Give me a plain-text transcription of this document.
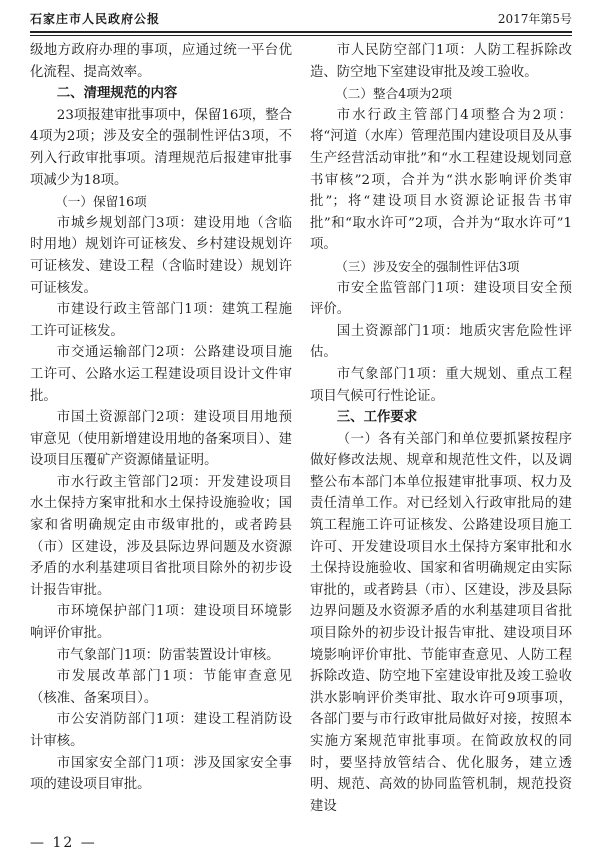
石家庄市人民政府公报	2017年第5号

级地方政府办理的事项，应通过统一平台优化流程、提高效率。

二、清理规范的内容

23项报建审批事项中，保留16项，整合4项为2项；涉及安全的强制性评估3项，不列入行政审批事项。清理规范后报建审批事项减少为18项。

（一）保留16项

市城乡规划部门3项：建设用地（含临时用地）规划许可证核发、乡村建设规划许可证核发、建设工程（含临时建设）规划许可证核发。

市建设行政主管部门1项：建筑工程施工许可证核发。

市交通运输部门2项：公路建设项目施工许可、公路水运工程建设项目设计文件审批。

市国土资源部门2项：建设项目用地预审意见（使用新增建设用地的备案项目）、建设项目压覆矿产资源储量证明。

市水行政主管部门2项：开发建设项目水土保持方案审批和水土保持设施验收；国家和省明确规定由市级审批的，或者跨县（市）区建设，涉及县际边界问题及水资源矛盾的水利基建项目省批项目除外的初步设计报告审批。

市环境保护部门1项：建设项目环境影响评价审批。

市气象部门1项：防雷装置设计审核。

市发展改革部门1项：节能审查意见（核准、备案项目）。

市公安消防部门1项：建设工程消防设计审核。

市国家安全部门1项：涉及国家安全事项的建设项目审批。

市人民防空部门1项：人防工程拆除改造、防空地下室建设审批及竣工验收。

（二）整合4项为2项

市水行政主管部门4项整合为2项：将“河道（水库）管理范围内建设项目及从事生产经营活动审批”和“水工程建设规划同意书审核”2项，合并为“洪水影响评价类审批”；将“建设项目水资源论证报告书审批”和“取水许可”2项，合并为“取水许可”1项。

（三）涉及安全的强制性评估3项

市安全监管部门1项：建设项目安全预评价。

国土资源部门1项：地质灾害危险性评估。

市气象部门1项：重大规划、重点工程项目气候可行性论证。

三、工作要求

（一）各有关部门和单位要抓紧按程序做好修改法规、规章和规范性文件，以及调整公布本部门本单位报建审批事项、权力及责任清单工作。对已经划入行政审批局的建筑工程施工许可证核发、公路建设项目施工许可、开发建设项目水土保持方案审批和水土保持设施验收、国家和省明确规定由实际审批的，或者跨县（市）、区建设，涉及县际边界问题及水资源矛盾的水利基建项目省批项目除外的初步设计报告审批、建设项目环境影响评价审批、节能审查意见、人防工程拆除改造、防空地下室建设审批及竣工验收洪水影响评价类审批、取水许可9项事项，各部门要与市行政审批局做好对接，按照本实施方案规范审批事项。在简政放权的同时，要坚持放管结合、优化服务，建立透明、规范、高效的协同监管机制，规范投资建设

— 12 —
